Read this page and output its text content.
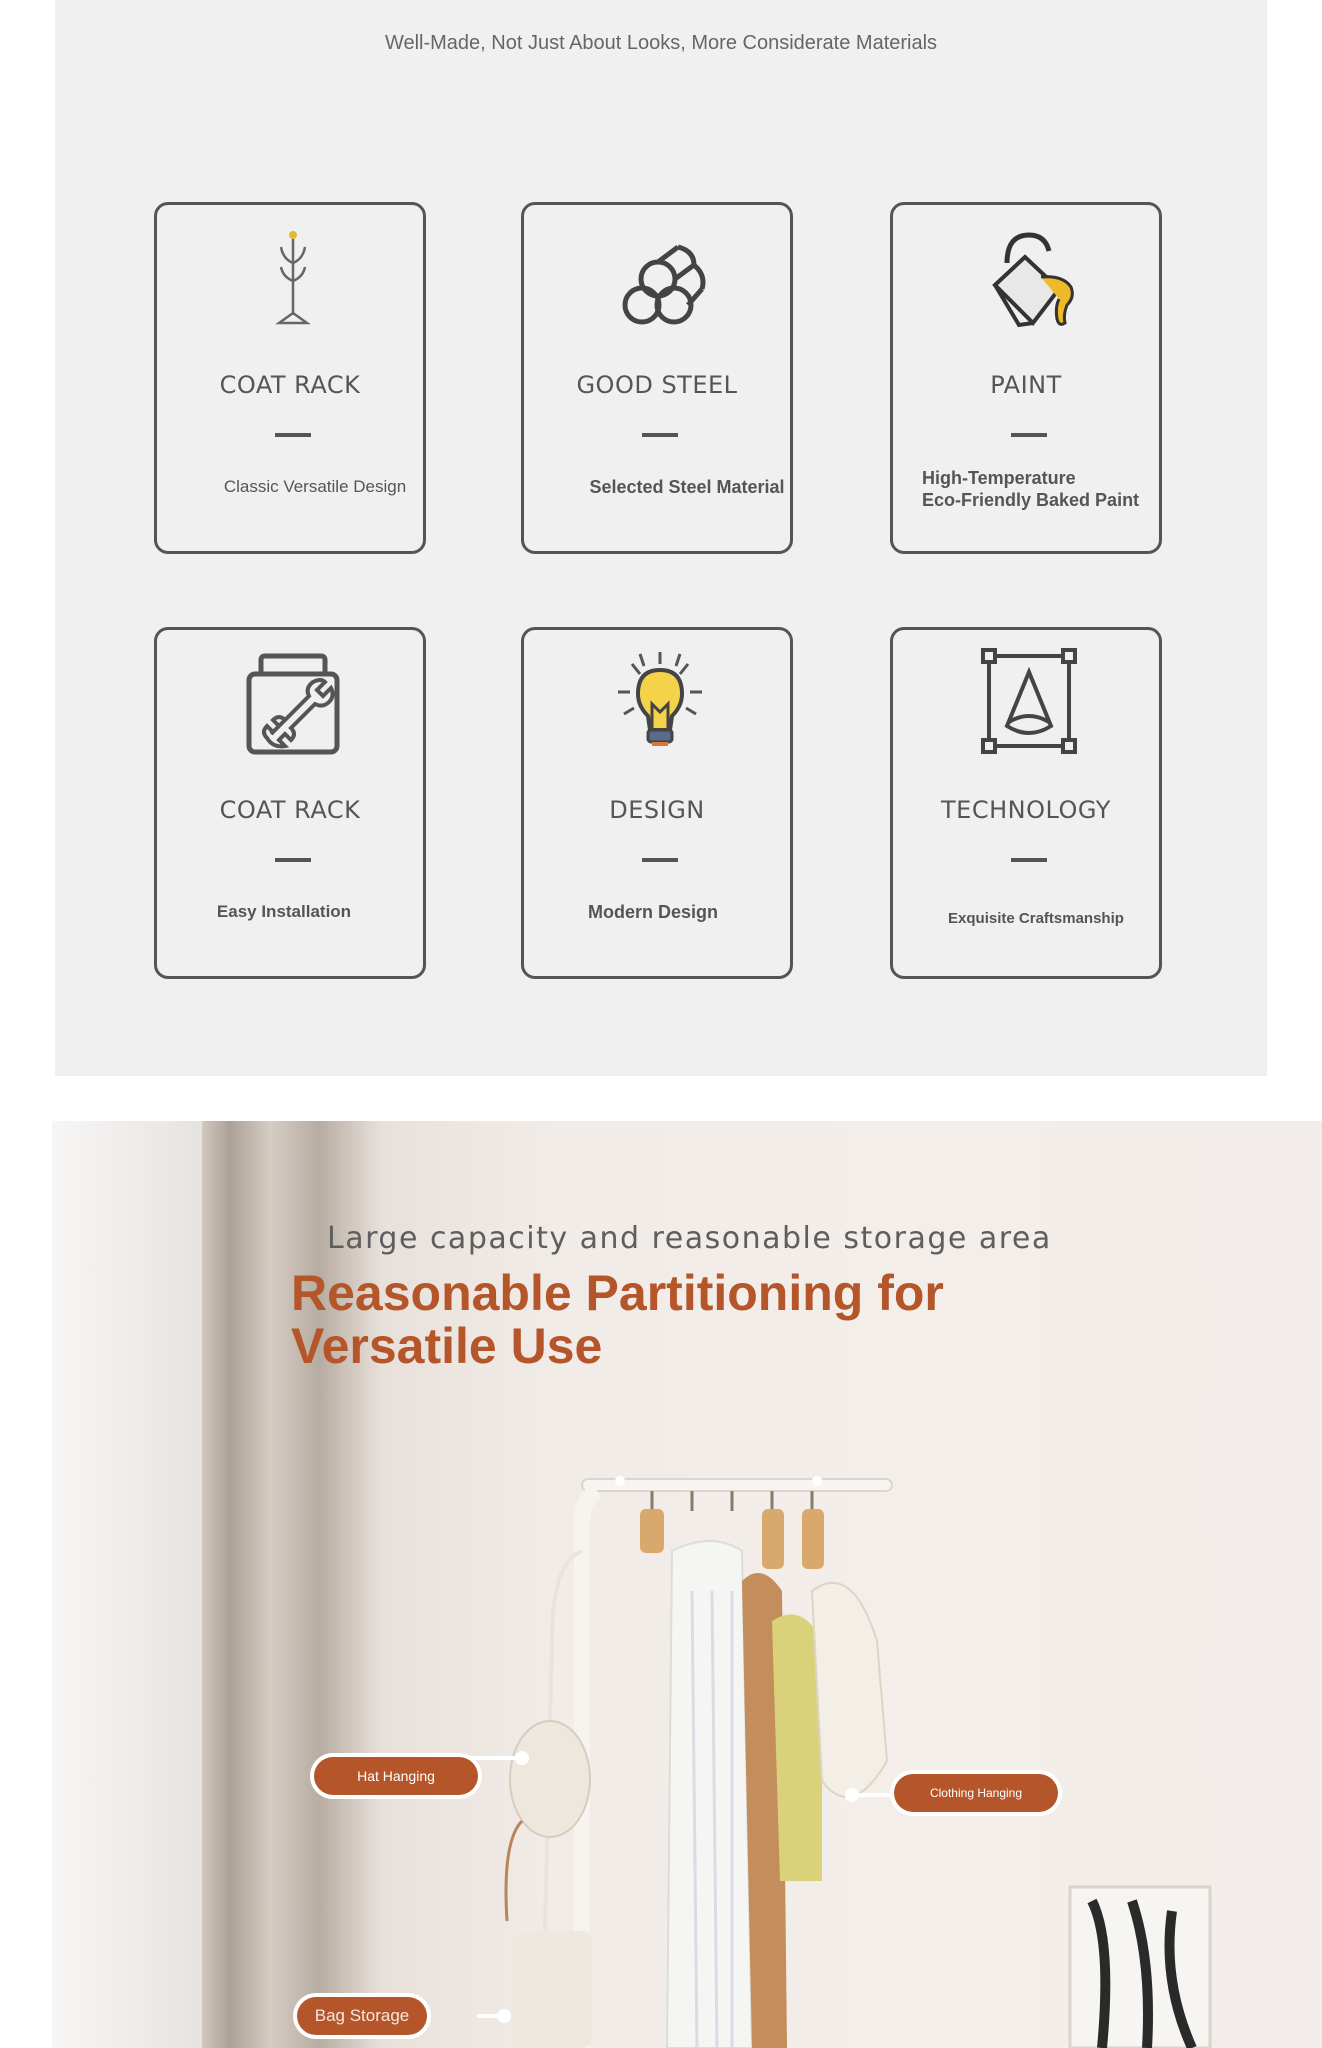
Well-Made, Not Just About Looks, More Considerate Materials
COAT RACK
Classic Versatile Design
GOOD STEEL
Selected Steel Material
PAINT
High-Temperature
Eco-Friendly Baked Paint
COAT RACK
Easy Installation
DESIGN
Modern Design
TECHNOLOGY
Exquisite Craftsmanship
Large capacity and reasonable storage area
Reasonable Partitioning for
Versatile Use
Hat Hanging
Clothing Hanging
Bag Storage
